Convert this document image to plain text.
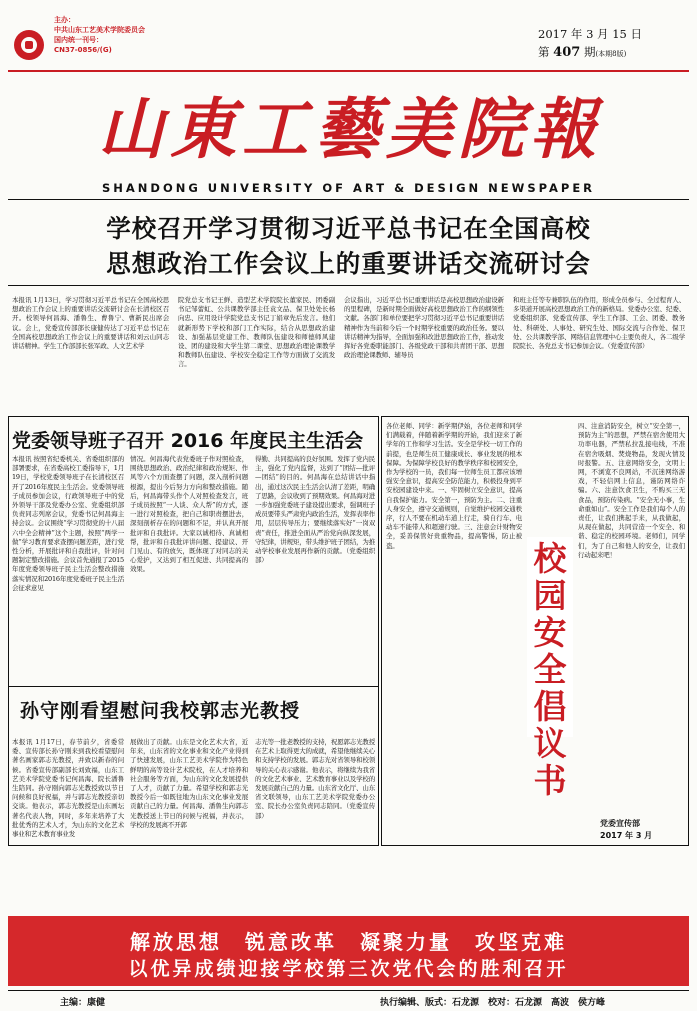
主办：
中共山东工艺美术学院委员会
国内统一刊号：
CN37-0856/(G)
2017 年 3 月 15 日
第 407 期(本期8版)
山東工藝美院報
SHANDONG UNIVERSITY OF ART & DESIGN NEWSPAPER
学校召开学习贯彻习近平总书记在全国高校
思想政治工作会议上的重要讲话交流研讨会
本报讯 1月13日，学习贯彻习近平总书记在全国高校思想政治工作会议上的重要讲话交流研讨会在长清校区召开。校领导何昌海、潘鲁生、曹鲁宁、曹新民出席会议。会上，党委宣传部部长康健传达了习近平总书记在全国高校思想政治工作会议上的重要讲话和刘云山同志讲话精神。学生工作部部长张军政、人文艺术学
院党总支书记王鲜、造型艺术学院院长董家民、团委副书记邹蕾虹、公共课教学部主任袁文品、保卫处处长杨向忠、应用设计学院党总支书记丁娟章先后发言。他们就新形势下学校和部门工作实际，结合从思想政治建设、加强基层党建工作、教师队伍建设和师德师风建设、团的建设和大学生第二课堂、思想政治理论课教学和教师队伍建设、学校安全稳定工作等方面做了交流发言。
会议指出，习近平总书记重要讲话是高校思想政治建设新的里程碑，是新时期全面做好高校思想政治工作的纲领性文献。各部门和单位要把学习贯彻习近平总书记重要讲话精神作为当前和今后一个时期学校重要的政治任务。要以讲话精神为指导，全面加强和改进思想政治工作，推动发挥好各党委职能部门、各级党政干部和共青团干部、思想政治理论课教师、辅导员
和班主任等专兼职队伍的作用，形成全员参与、全过程育人、多渠道开展高校思想政治工作的新格局。党委办公室、纪委、党委组织部、党委宣传部、学生工作部、工会、团委、教务处、科研处、人事处、研究生处、国际交流与合作处、保卫处、公共课教学部、网络信息管理中心主要负责人，各二级学院院长、各党总支书记参加会议。（党委宣传部）
党委领导班子召开 2016 年度民主生活会
本报讯 按照省纪委机关、省委组织部的部署要求，在省委高校工委指导下，1月19日，学校党委领导班子在长清校区召开了2016年度民主生活会。党委领导班子成员参加会议，行政领导班子中的党外领导干部及党委办公室、党委组织部负责同志列席会议，党委书记何昌海主持会议。会议围绕“学习贯彻党的十八届六中全会精神”这个主题，按照“两学一做”学习教育要求查摆问题差距，进行党性分析，开展批评和自我批评，针对问题制定整改措施。会议首先通报了2015年度党委领导班子民主生活会整改措施落实情况和2016年度党委班子民主生活会征求意见
情况。何昌海代表党委班子作对照检查，围绕思想政治、政治纪律和政治规矩、作风等六个方面查摆了问题，深入剖析问题根源，提出今后努力方向和整改措施。随后，何昌海带头作个人对照检查发言，班子成员按照“一人谈、众人帮”的方式，逐一进行对照检查，把自己和职责摆进去，深刻剖析存在的问题和不足，并认真开展批评和自我批评。大家以诚相待、真诚相帮，批评和自我批评讲问题、提建议、开门见山、有的放矢，既体现了对同志的关心爱护，又达到了相互促进、共同提高的效果。
得勤、共同提高的良好氛围。发挥了党内民主，强化了党内监督，达到了“团结—批评—团结”的目的。何昌海在总结讲话中指出，通过这次民主生活会认清了差距，明确了思路，会议收到了预期效果。何昌海对进一步加强党委班子建设提出要求，强调班子成员要带头严肃党内政治生活，发挥表率作用，层层传导压力；要继续落实好“一岗双责”责任，推进全面从严治党向纵深发展，守纪律，讲规矩，带头维护班子团结，为推动学校事业发展再作新的贡献。（党委组织部）
孙守刚看望慰问我校郭志光教授
本报讯 1月17日，春节前夕，省委常委、宣传部长孙守刚来到我校看望慰问著名画家郭志光教授，并致以新春的问候。省委宣传部副部长刘致福，山东工艺美术学院党委书记何昌海、院长潘鲁生陪同。孙守刚向郭志光教授致以节日问候和良好祝福，并与郭志光教授亲切交谈。他表示，郭志光教授是山东画坛著名代表人物，同时，多年来培养了大批优秀的艺术人才，为山东的文化艺术事业和艺术教育事业发
展做出了贡献。山东是文化艺术大省，近年来，山东省的文化事业和文化产业得到了快速发展，山东工艺美术学院作为特色鲜明的高等设计艺术院校，在人才培养和社会服务等方面，为山东的文化发展提供了人才，贡献了力量。希望学校和郭志光教授今后一如既往地为山东文化事业发展贡献自己的力量。何昌海、潘鲁生向郭志光教授送上节日的问候与祝福，并表示，学校的发展离不开郭
志光等一批老教授的支持，祝愿郭志光教授在艺术上取得更大的成就，希望他继续关心和支持学校的发展。郭志光对省领导和校领导的关心表示感谢。他表示，将继续为我省的文化艺术事业、艺术教育事业以及学校的发展贡献自己的力量。山东省文化厅、山东省文联领导，山东工艺美术学院党委办公室、院长办公室负责同志陪同。（党委宣传部）
各位老师、同学：新学期伊始，各位老师和同学们满载着，伴随着新学期的开始，我们迎来了新学年的工作和学习生活。安全是学校一切工作的前提，也是师生员工健康成长、事业发展的根本保障。为保障学校良好的教学秩序和校园安全，作为学校的一员，我们每一位师生员工都应该增强安全意识，提高安全防范能力，积极投身到平安校园建设中来。一、牢固树立安全意识，提高自我保护能力。安全第一，预防为主。二、注重人身安全，遵守交通规则，自觉维护校园交通秩序，行人不要在机动车道上行走，骑自行车、电动车不能带人和超速行驶。三、注意会计财物安全，妥善保管好贵重物品，提高警惕，防止被盗。	校园安全倡议书
四、注意消防安全，树立“安全第一，预防为主”的思想，严禁在宿舍使用大功率电器，严禁私拉乱接电线，不准在宿舍吸烟、焚烧物品，发现火情及时报警。五、注意网络安全，文明上网，不浏览不良网站，不沉迷网络游戏，不轻信网上信息，谨防网络诈骗。六、注意饮食卫生，不购买三无食品，预防传染病。“安全无小事，生命重如山”。安全工作是我们每个人的责任，让我们携起手来，从我做起，从现在做起，共同营造一个安全、和谐、稳定的校园环境。老师们，同学们，为了自己和他人的安全，让我们行动起来吧！
党委宣传部
2017 年 3 月
解放思想　锐意改革　凝聚力量　攻坚克难
以优异成绩迎接学校第三次党代会的胜利召开
主编：康健	执行编辑、版式：石龙源　校对：石龙源　高波　侯方峰
